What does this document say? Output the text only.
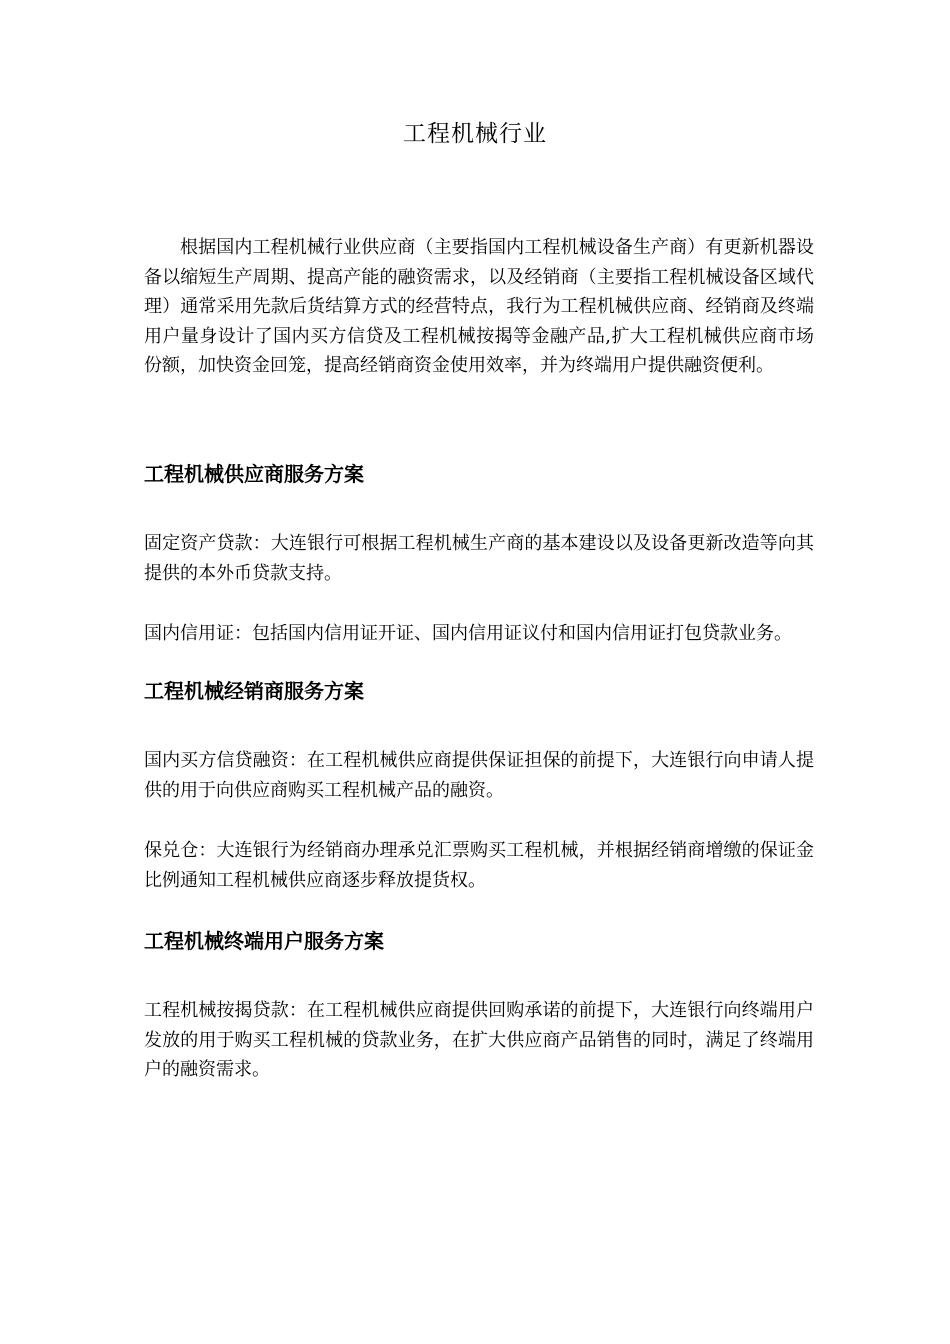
工程机械行业

根据国内工程机械行业供应商（主要指国内工程机械设备生产商）有更新机器设备以缩短生产周期、提高产能的融资需求，以及经销商（主要指工程机械设备区域代理）通常采用先款后货结算方式的经营特点，我行为工程机械供应商、经销商及终端用户量身设计了国内买方信贷及工程机械按揭等金融产品,扩大工程机械供应商市场份额，加快资金回笼，提高经销商资金使用效率，并为终端用户提供融资便利。

工程机械供应商服务方案

固定资产贷款：大连银行可根据工程机械生产商的基本建设以及设备更新改造等向其提供的本外币贷款支持。

国内信用证：包括国内信用证开证、国内信用证议付和国内信用证打包贷款业务。

工程机械经销商服务方案

国内买方信贷融资：在工程机械供应商提供保证担保的前提下，大连银行向申请人提供的用于向供应商购买工程机械产品的融资。

保兑仓：大连银行为经销商办理承兑汇票购买工程机械，并根据经销商增缴的保证金比例通知工程机械供应商逐步释放提货权。

工程机械终端用户服务方案

工程机械按揭贷款：在工程机械供应商提供回购承诺的前提下，大连银行向终端用户发放的用于购买工程机械的贷款业务，在扩大供应商产品销售的同时，满足了终端用户的融资需求。
